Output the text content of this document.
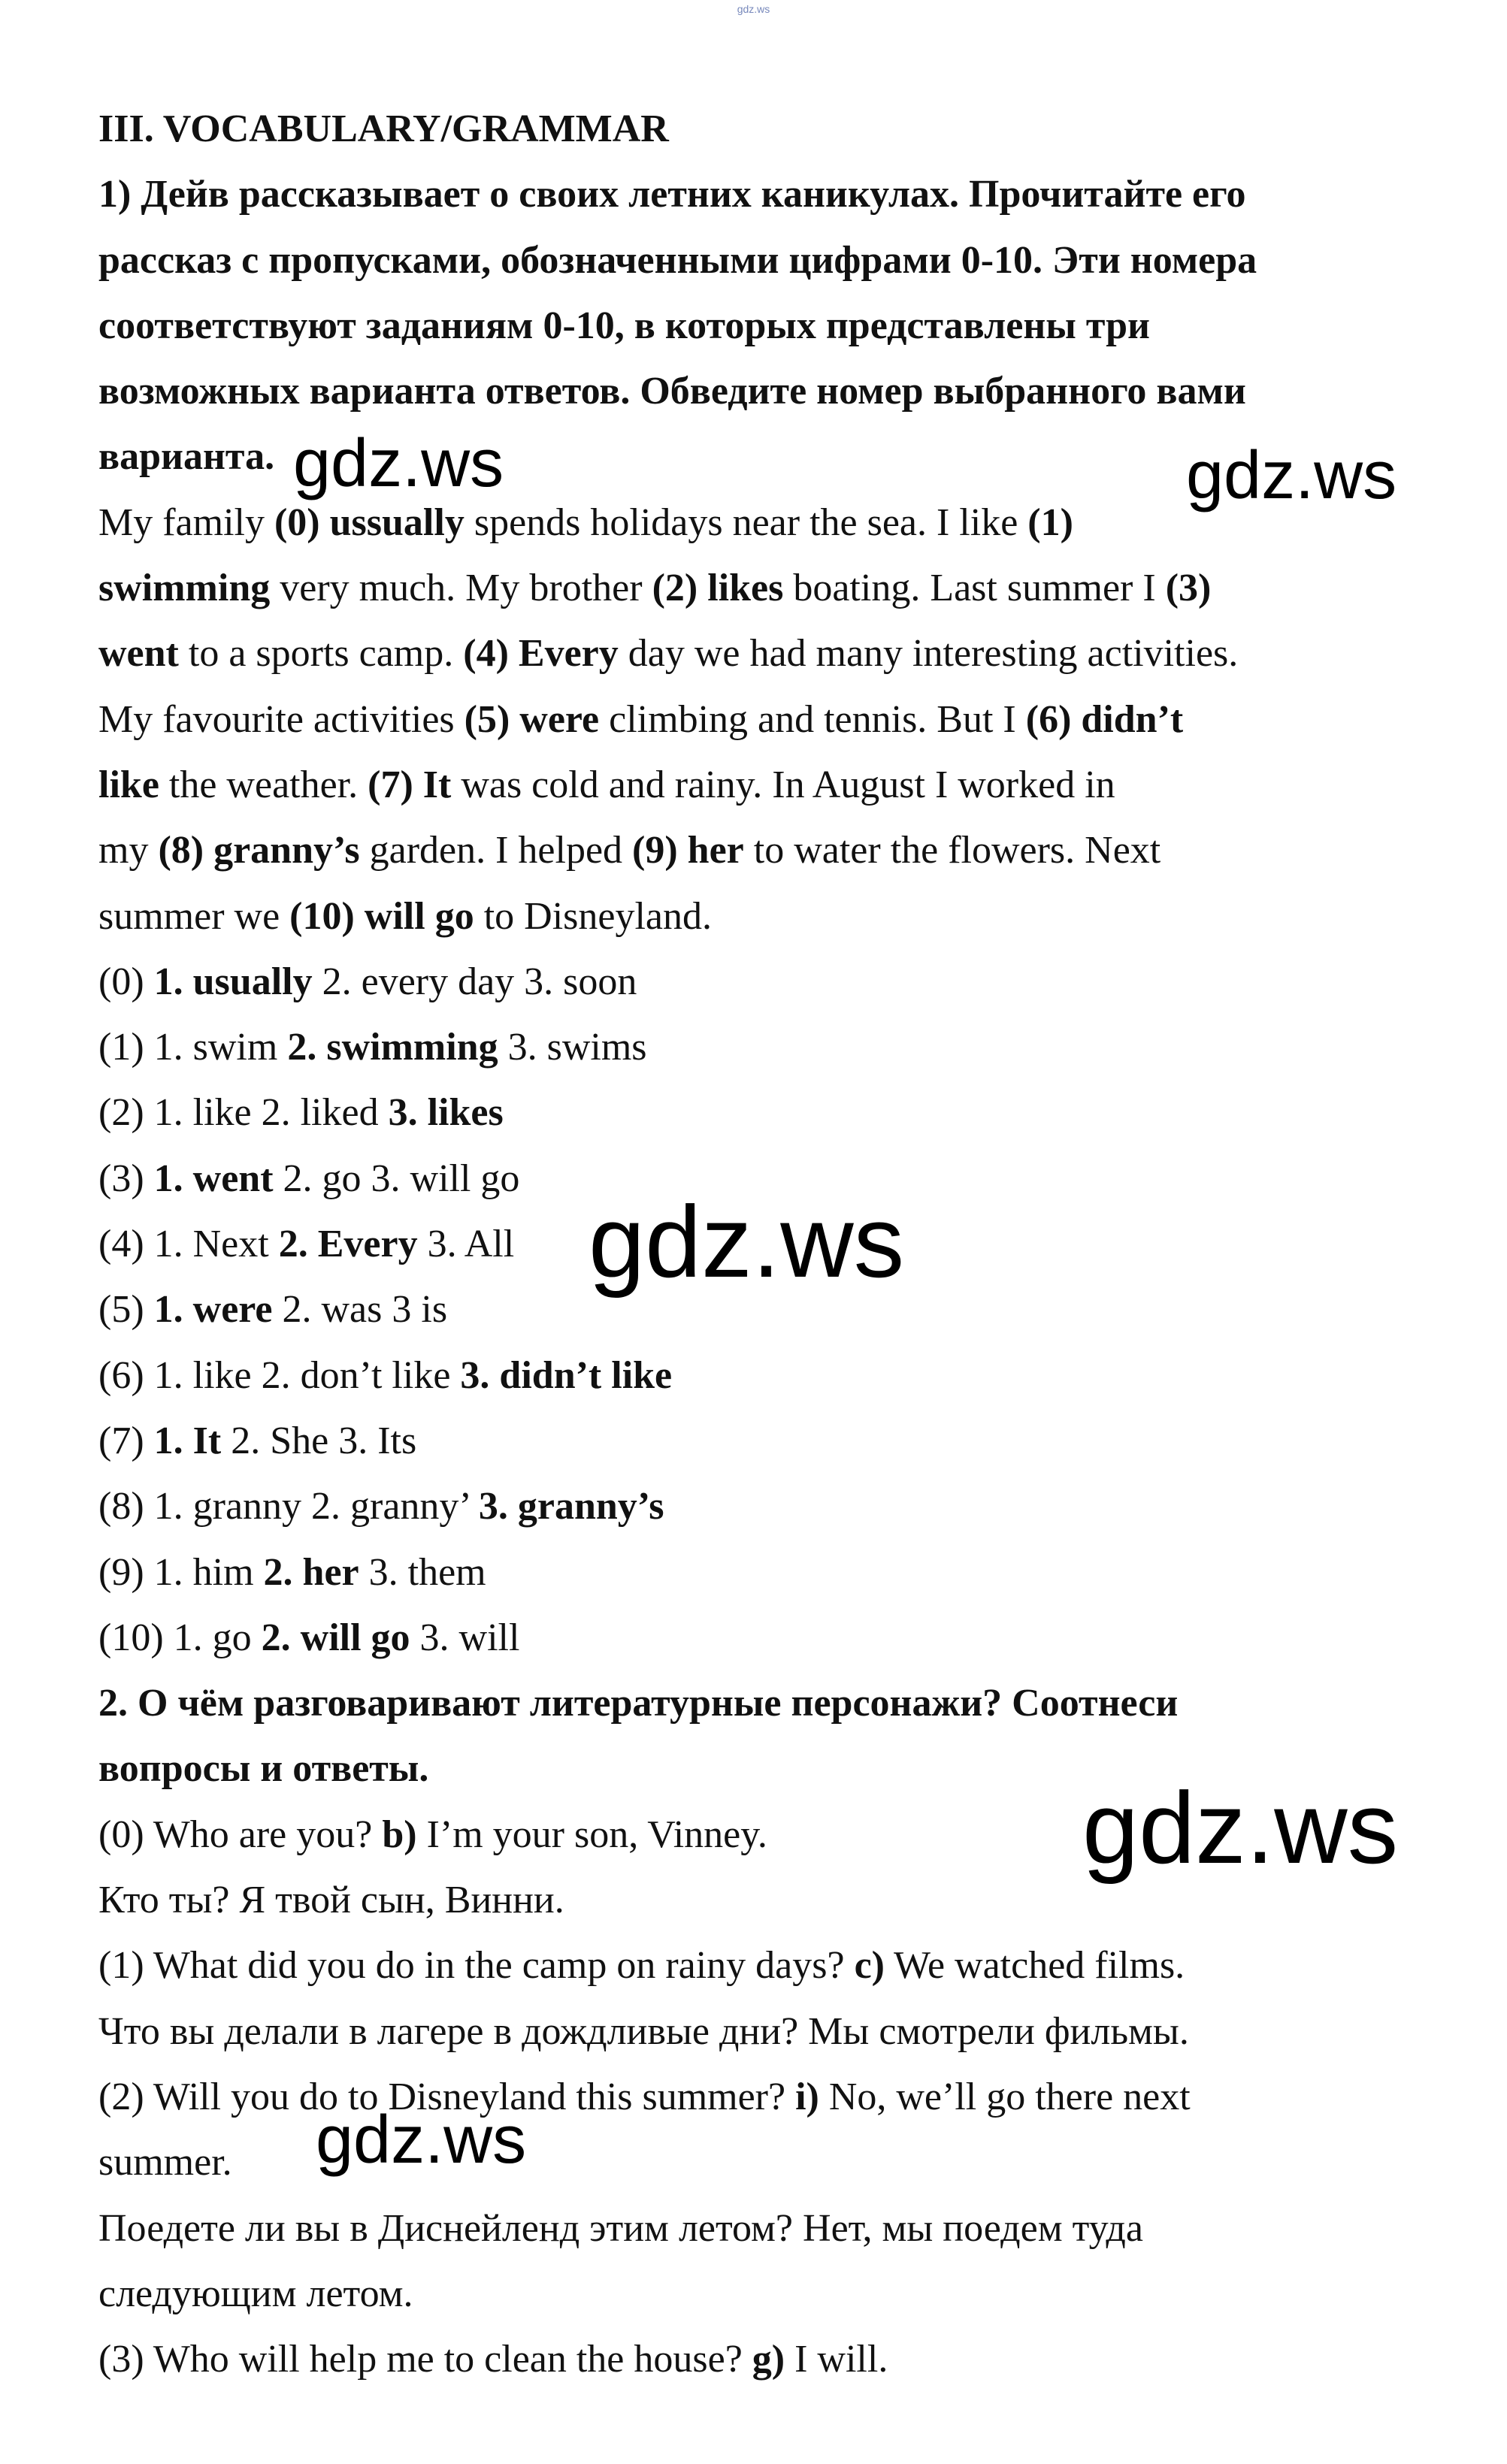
gdz.ws
III. VOCABULARY/GRAMMAR
1) Дейв рассказывает о своих летних каникулах. Прочитайте его
рассказ с пропусками, обозначенными цифрами 0-10. Эти номера
соответствуют заданиям 0-10, в которых представлены три
возможных варианта ответов. Обведите номер выбранного вами
варианта.
My family (0) ussually spends holidays near the sea. I like (1)
swimming very much. My brother (2) likes boating. Last summer I (3)
went to a sports camp. (4) Every day we had many interesting activities.
My favourite activities (5) were climbing and tennis. But I (6) didn’t
like the weather. (7) It was cold and rainy. In August I worked in
my (8) granny’s garden. I helped (9) her to water the flowers. Next
summer we (10) will go to Disneyland.
(0) 1. usually 2. every day 3. soon
(1) 1. swim 2. swimming 3. swims
(2) 1. like 2. liked 3. likes
(3) 1. went 2. go 3. will go
(4) 1. Next 2. Every 3. All
(5) 1. were 2. was 3 is
(6) 1. like 2. don’t like 3. didn’t like
(7) 1. It 2. She 3. Its
(8) 1. granny 2. granny’ 3. granny’s
(9) 1. him 2. her 3. them
(10) 1. go 2. will go 3. will
2. О чём разговаривают литературные персонажи? Соотнеси
вопросы и ответы.
(0) Who are you? b) I’m your son, Vinney.
Кто ты? Я твой сын, Винни.
(1) What did you do in the camp on rainy days? c) We watched films.
Что вы делали в лагере в дождливые дни? Мы смотрели фильмы.
(2) Will you do to Disneyland this summer? i) No, we’ll go there next
summer.
Поедете ли вы в Диснейленд этим летом? Нет, мы поедем туда
следующим летом.
(3) Who will help me to clean the house? g) I will.
gdz.ws	gdz.ws
gdz.ws
gdz.ws
gdz.ws
